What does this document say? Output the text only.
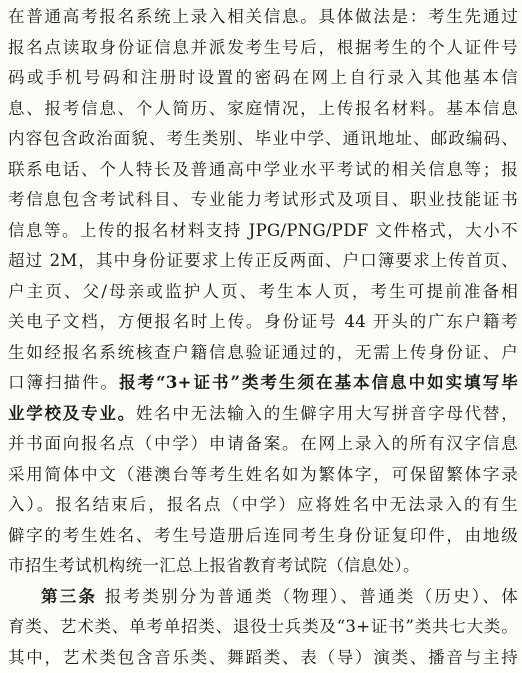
在普通高考报名系统上录入相关信息。具体做法是：考生先通过
报名点读取身份证信息并派发考生号后，根据考生的个人证件号
码或手机号码和注册时设置的密码在网上自行录入其他基本信
息、报考信息、个人简历、家庭情况，上传报名材料。基本信息
内容包含政治面貌、考生类别、毕业中学、通讯地址、邮政编码、
联系电话、个人特长及普通高中学业水平考试的相关信息等；报
考信息包含考试科目、专业能力考试形式及项目、职业技能证书
信息等。上传的报名材料支持 JPG/PNG/PDF 文件格式，大小不
超过 2M，其中身份证要求上传正反两面、户口簿要求上传首页、
户主页、父/母亲或监护人页、考生本人页，考生可提前准备相
关电子文档，方便报名时上传。身份证号 44 开头的广东户籍考
生如经报名系统核查户籍信息验证通过的，无需上传身份证、户
口簿扫描件。报考“3+证书”类考生须在基本信息中如实填写毕
业学校及专业。姓名中无法输入的生僻字用大写拼音字母代替，
并书面向报名点（中学）申请备案。在网上录入的所有汉字信息
采用简体中文（港澳台等考生姓名如为繁体字，可保留繁体字录
入）。报名结束后，报名点（中学）应将姓名中无法录入的有生
僻字的考生姓名、考生号造册后连同考生身份证复印件，由地级
市招生考试机构统一汇总上报省教育考试院（信息处）。
第三条 报考类别分为普通类（物理）、普通类（历史）、体
育类、艺术类、单考单招类、退役士兵类及“3+证书”类共七大类。
其中，艺术类包含音乐类、舞蹈类、表（导）演类、播音与主持
